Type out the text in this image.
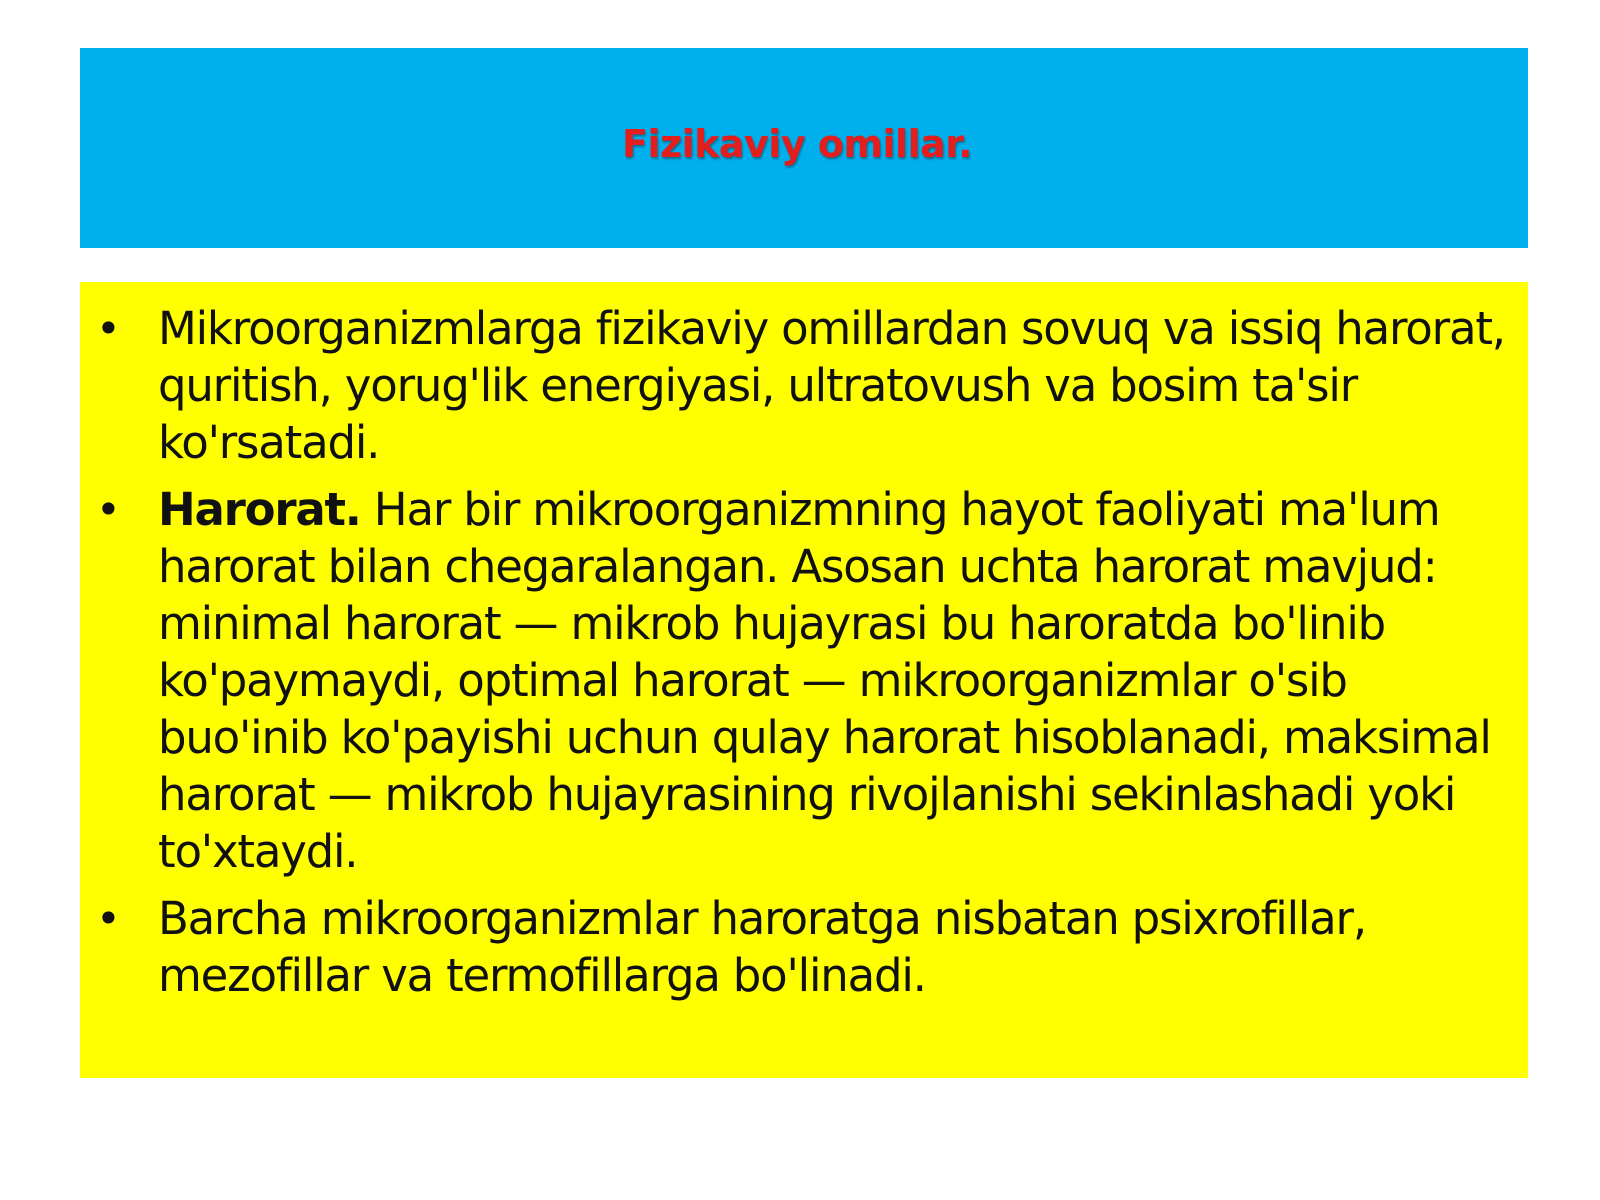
Fizikaviy omillar.
• Mikroorganizmlarga fizikaviy omillardan sovuq va issiq harorat, quritish, yorug'lik energiyasi, ultratovush va bosim ta'sir ko'rsatadi.
• Harorat. Har bir mikroorganizmning hayot faoliyati ma'lum harorat bilan chegaralangan. Asosan uchta harorat mavjud: minimal harorat — mikrob hujayrasi bu haroratda bo'linib ko'paymaydi, optimal harorat — mikroorganizmlar o'sib buo'inib ko'payishi uchun qulay harorat hisoblanadi, maksimal harorat — mikrob hujayrasining rivojlanishi sekinlashadi yoki to'xtaydi.
• Barcha mikroorganizmlar haroratga nisbatan psixrofillar, mezofillar va termofillarga bo'linadi.
